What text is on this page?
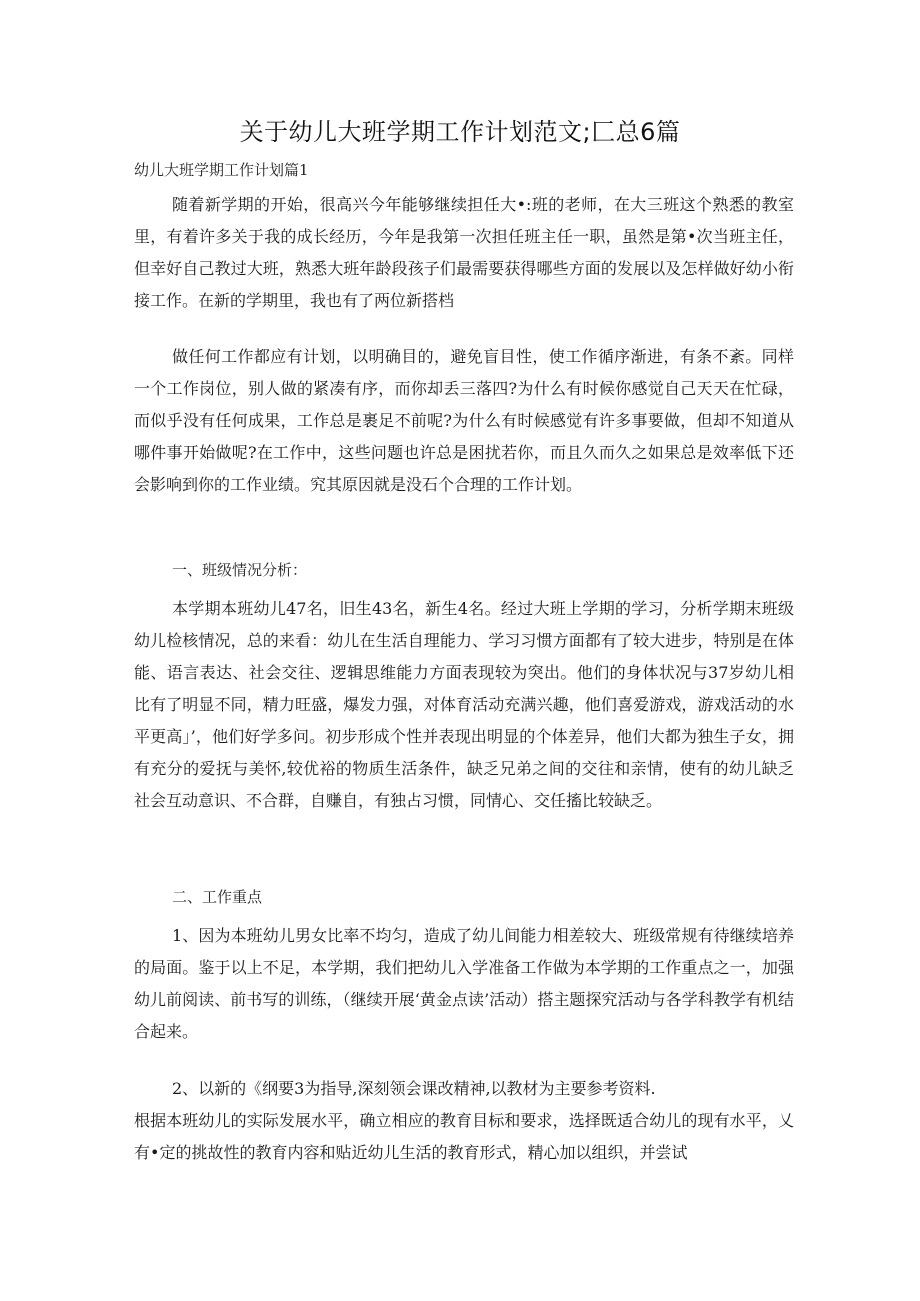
关于幼儿大班学期工作计划范文;匚总6篇
幼儿大班学期工作计划篇1
随着新学期的开始，很高兴今年能够继续担任大•:班的老师，在大三班这个熟悉的教室里，有着许多关于我的成长经历，今年是我第一次担任班主任一职，虽然是第•次当班主任，但幸好自己教过大班，熟悉大班年龄段孩子们最需要获得哪些方面的发展以及怎样做好幼小衔接工作。在新的学期里，我也有了两位新搭档
做任何工作都应有计划，以明确目的，避免盲目性，使工作循序渐进，有条不紊。同样一个工作岗位，别人做的紧凑有序，而你却丢三落四?为什么有时候你感觉自己天天在忙碌，而似乎没有任何成果，工作总是裹足不前呢?为什么有时候感觉有许多事要做，但却不知道从哪件事开始做呢?在工作中，这些问题也许总是困扰若你，而且久而久之如果总是效率低下还会影响到你的工作业绩。究其原因就是没石个合理的工作计划。
一、班级情况分析：
本学期本班幼儿47名，旧生43名，新生4名。经过大班上学期的学习，分析学期末班级幼儿检核情况，总的来看：幼儿在生活自理能力、学习习惯方面都有了较大进步，特别是在体能、语言表达、社会交往、逻辑思维能力方面表现较为突出。他们的身体状况与37岁幼儿相比有了明显不同，精力旺盛，爆发力强，对体育活动充满兴趣，他们喜爱游戏，游戏活动的水平更高」’，他们好学多问。初步形成个性并表现出明显的个体差异，他们大都为独生子女，拥有充分的爱抚与美怀,较优裕的物质生活条件，缺乏兄弟之间的交往和亲情，使有的幼儿缺乏社会互动意识、不合群，自赚自，有独占习惯，同情心、交任搐比较缺乏。
二、工作重点
1、因为本班幼儿男女比率不均匀，造成了幼儿间能力相差较大、班级常规有待继续培养的局面。鉴于以上不足，本学期，我们把幼儿入学准备工作做为本学期的工作重点之一，加强幼儿前阅读、前书写的训练，（继续开展‘黄金点读’活动）搭主题探究活动与各学科教学有机结合起来。
2、以新的《纲要3为指导,深刻领会课改精神,以教材为主要参考资料.
根据本班幼儿的实际发展水平，确立相应的教育目标和要求，选择既适合幼儿的现有水平，乂有•定的挑故性的教育内容和贴近幼儿生活的教育形式，精心加以组织，并尝试
